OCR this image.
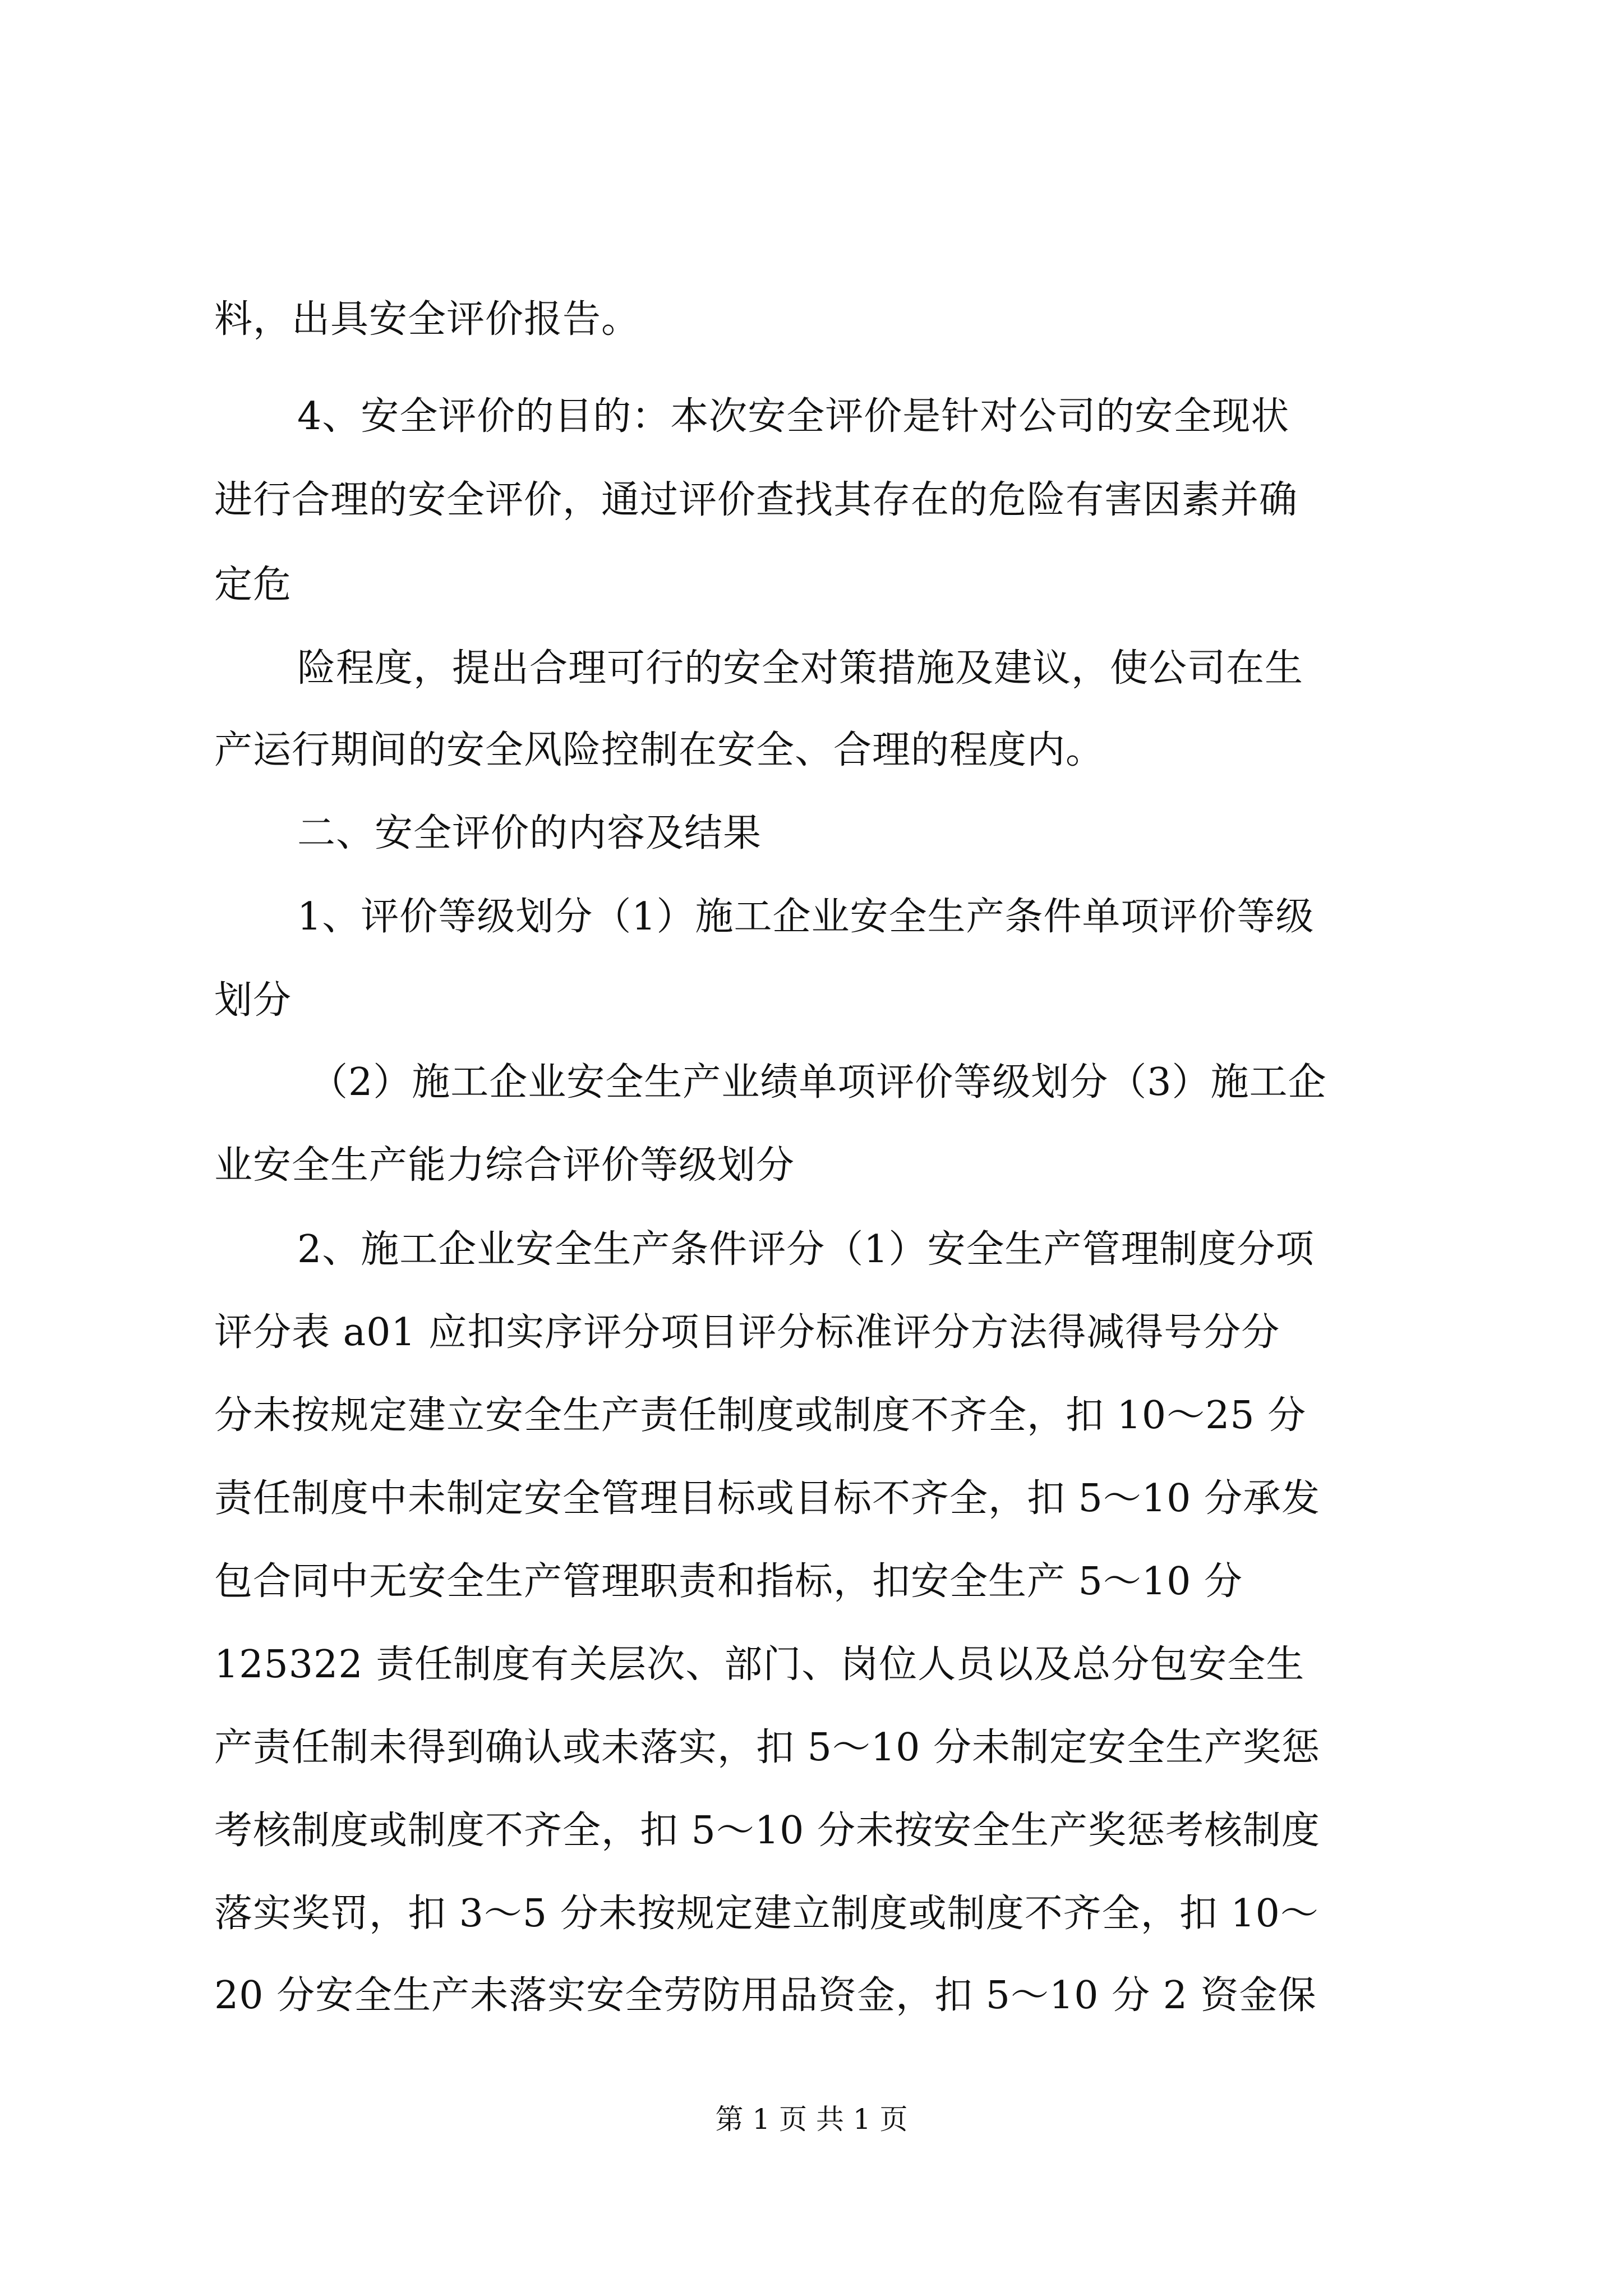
料，出具安全评价报告。
4、安全评价的目的：本次安全评价是针对公司的安全现状
进行合理的安全评价，通过评价查找其存在的危险有害因素并确
定危
险程度，提出合理可行的安全对策措施及建议，使公司在生
产运行期间的安全风险控制在安全、合理的程度内。
二、安全评价的内容及结果
1、评价等级划分（1）施工企业安全生产条件单项评价等级
划分
（2）施工企业安全生产业绩单项评价等级划分（3）施工企
业安全生产能力综合评价等级划分
2、施工企业安全生产条件评分（1）安全生产管理制度分项
评分表 a01 应扣实序评分项目评分标准评分方法得减得号分分
分未按规定建立安全生产责任制度或制度不齐全，扣 10～25 分
责任制度中未制定安全管理目标或目标不齐全，扣 5～10 分承发
包合同中无安全生产管理职责和指标，扣安全生产 5～10 分
125322 责任制度有关层次、部门、岗位人员以及总分包安全生
产责任制未得到确认或未落实，扣 5～10 分未制定安全生产奖惩
考核制度或制度不齐全，扣 5～10 分未按安全生产奖惩考核制度
落实奖罚，扣 3～5 分未按规定建立制度或制度不齐全，扣 10～
20 分安全生产未落实安全劳防用品资金，扣 5～10 分 2 资金保
第 1 页 共 1 页
